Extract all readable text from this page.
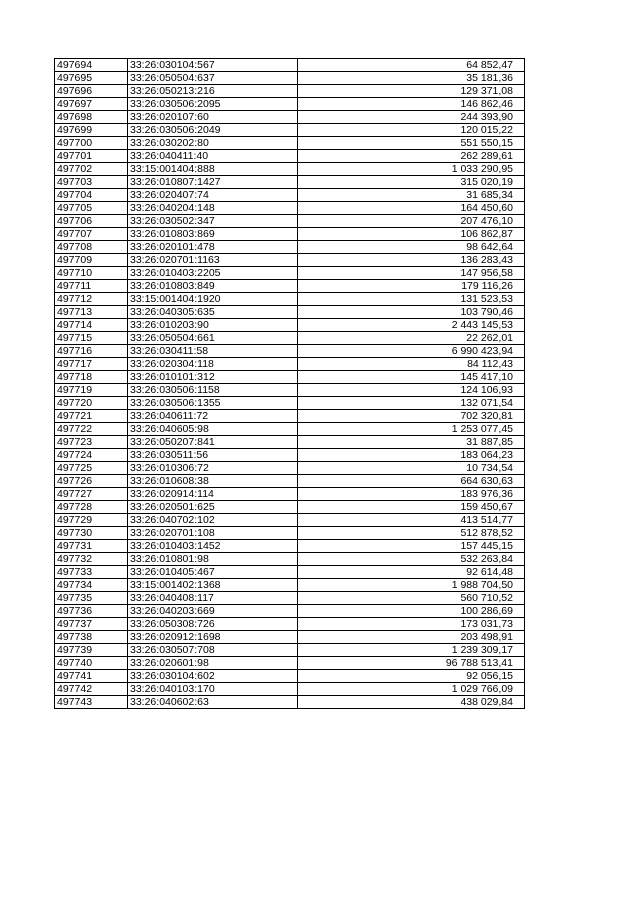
497694	33:26:030104:567	64 852,47
497695	33:26:050504:637	35 181,36
497696	33:26:050213:216	129 371,08
497697	33:26:030506:2095	146 862,46
497698	33:26:020107:60	244 393,90
497699	33:26:030506:2049	120 015,22
497700	33:26:030202:80	551 550,15
497701	33:26:040411:40	262 289,61
497702	33:15:001404:888	1 033 290,95
497703	33:26:010807:1427	315 020,19
497704	33:26:020407:74	31 685,34
497705	33:26:040204:148	164 450,60
497706	33:26:030502:347	207 476,10
497707	33:26:010803:869	106 862,87
497708	33:26:020101:478	98 642,64
497709	33:26:020701:1163	136 283,43
497710	33:26:010403:2205	147 956,58
497711	33:26:010803:849	179 116,26
497712	33:15:001404:1920	131 523,53
497713	33:26:040305:635	103 790,46
497714	33:26:010203:90	2 443 145,53
497715	33:26:050504:661	22 262,01
497716	33:26:030411:58	6 990 423,94
497717	33:26:020304:118	84 112,43
497718	33:26:010101:312	145 417,10
497719	33:26:030506:1158	124 106,93
497720	33:26:030506:1355	132 071,54
497721	33:26:040611:72	702 320,81
497722	33:26:040605:98	1 253 077,45
497723	33:26:050207:841	31 887,85
497724	33:26:030511:56	183 064,23
497725	33:26:010306:72	10 734,54
497726	33:26:010608:38	664 630,63
497727	33:26:020914:114	183 976,36
497728	33:26:020501:625	159 450,67
497729	33:26:040702:102	413 514,77
497730	33:26:020701:108	512 878,52
497731	33:26:010403:1452	157 445,15
497732	33:26:010801:98	532 263,84
497733	33:26:010405:467	92 614,48
497734	33:15:001402:1368	1 988 704,50
497735	33:26:040408:117	560 710,52
497736	33:26:040203:669	100 286,69
497737	33:26:050308:726	173 031,73
497738	33:26:020912:1698	203 498,91
497739	33:26:030507:708	1 239 309,17
497740	33:26:020601:98	96 788 513,41
497741	33:26:030104:602	92 056,15
497742	33:26:040103:170	1 029 766,09
497743	33:26:040602:63	438 029,84
